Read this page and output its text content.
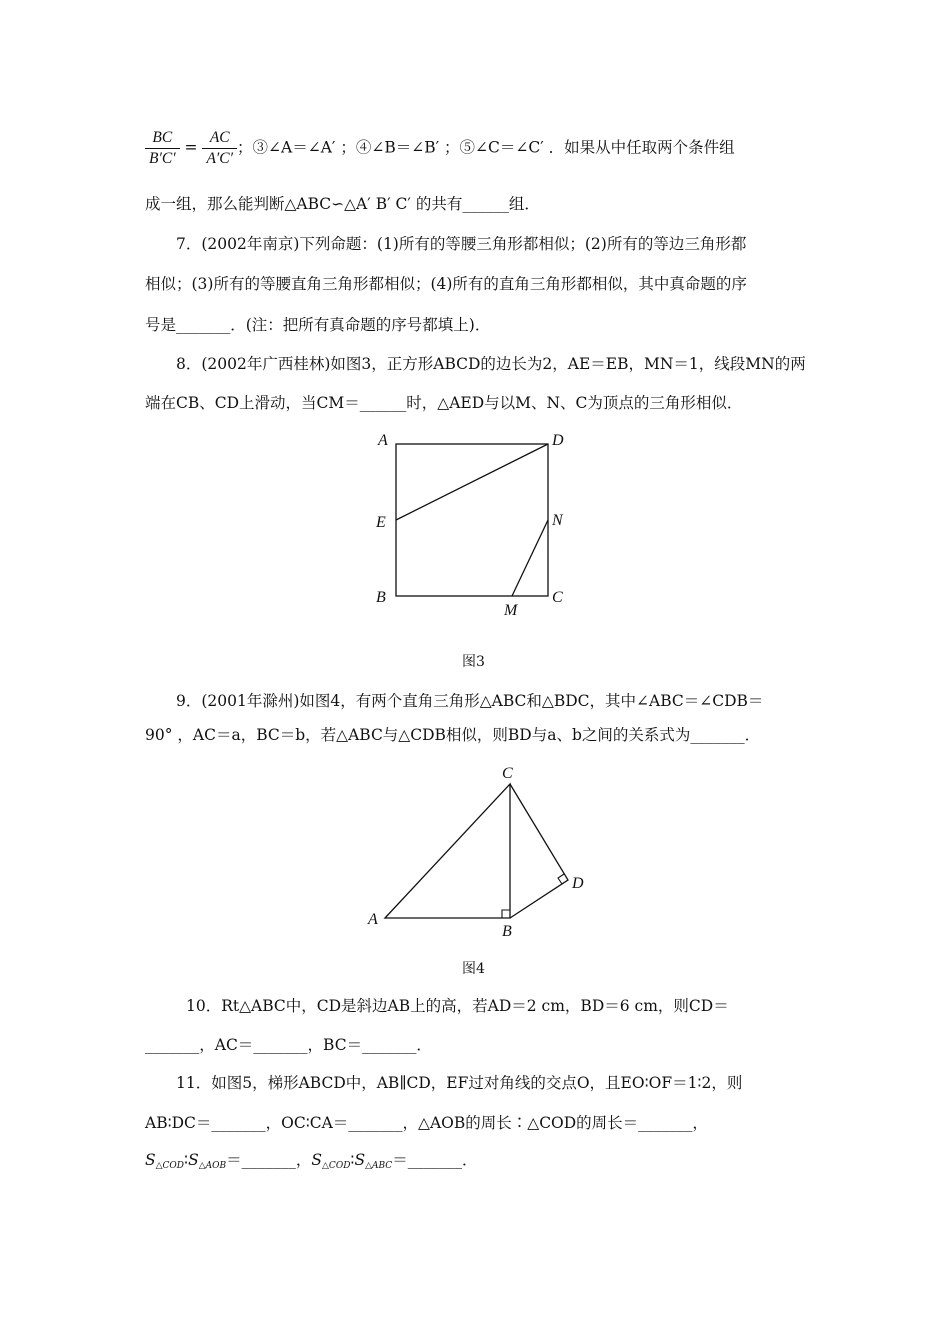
$\frac{BC}{B'C'} = \frac{AC}{A'C'}$ ；③∠A＝∠A′ ；④∠B＝∠B′ ；⑤∠C＝∠C′ ．如果从中任取两个条件组
成一组，那么能判断△ABC∽△A′ B′ C′ 的共有______组．
7．(2002年南京)下列命题：(1)所有的等腰三角形都相似；(2)所有的等边三角形都
相似；(3)所有的等腰直角三角形都相似；(4)所有的直角三角形都相似，其中真命题的序
号是_______．(注：把所有真命题的序号都填上)．
8．(2002年广西桂林)如图3，正方形ABCD的边长为2，AE＝EB，MN＝1，线段MN的两
端在CB、CD上滑动，当CM＝______时，△AED与以M、N、C为顶点的三角形相似．
A	D
E	N
B
M
C
图3
9．(2001年滁州)如图4，有两个直角三角形△ABC和△BDC，其中∠ABC＝∠CDB＝
90° ，AC＝a，BC＝b，若△ABC与△CDB相似，则BD与a、b之间的关系式为_______．
C
D
A
B
图4
10．Rt△ABC中，CD是斜边AB上的高，若AD＝2 cm，BD＝6 cm，则CD＝
_______，AC＝_______，BC＝_______．
11．如图5，梯形ABCD中，AB∥CD，EF过对角线的交点O，且EO∶OF＝1∶2，则
AB∶DC＝_______，OC∶CA＝_______，△AOB的周长∶△COD的周长＝_______，
$S_{\triangle COD}∶S_{\triangle AOB}=\_\_\_\_\_\_\_$，$S_{\triangle COD}∶S_{\triangle ABC}=\_\_\_\_\_\_\_$．
